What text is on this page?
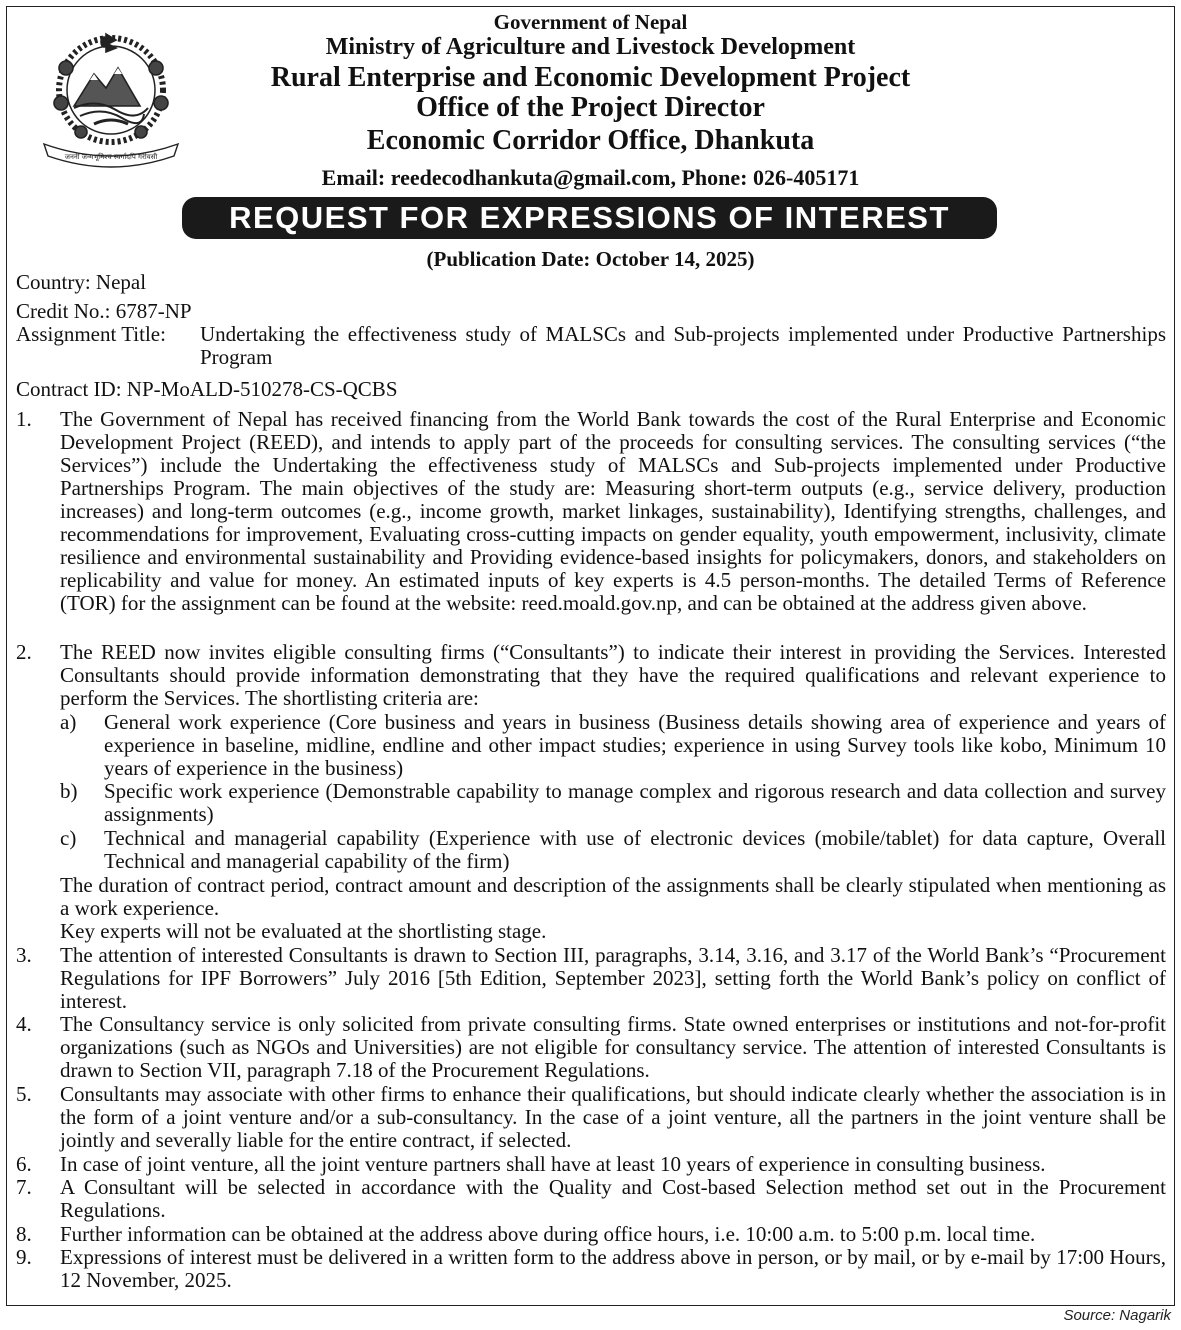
जननी जन्मभूमिश्च स्वर्गादपि गरीयसी
Government of Nepal
Ministry of Agriculture and Livestock Development
Rural Enterprise and Economic Development Project
Office of the Project Director
Economic Corridor Office, Dhankuta
Email: reedecodhankuta@gmail.com, Phone: 026-405171
REQUEST FOR EXPRESSIONS OF INTEREST
(Publication Date: October 14, 2025)
Country: Nepal
Credit No.: 6787-NP
Assignment Title: Undertaking the effectiveness study of MALSCs and Sub-projects implemented under Productive Partnerships Program
Contract ID: NP-MoALD-510278-CS-QCBS
1. The Government of Nepal has received financing from the World Bank towards the cost of the Rural Enterprise and Economic Development Project (REED), and intends to apply part of the proceeds for consulting services. The consulting services (“the Services”) include the Undertaking the effectiveness study of MALSCs and Sub-projects implemented under Productive Partnerships Program. The main objectives of the study are: Measuring short-term outputs (e.g., service delivery, production increases) and long-term outcomes (e.g., income growth, market linkages, sustainability), Identifying strengths, challenges, and recommendations for improvement, Evaluating cross-cutting impacts on gender equality, youth empowerment, inclusivity, climate resilience and environmental sustainability and Providing evidence-based insights for policymakers, donors, and stakeholders on replicability and value for money. An estimated inputs of key experts is 4.5 person-months. The detailed Terms of Reference (TOR) for the assignment can be found at the website: reed.moald.gov.np, and can be obtained at the address given above.
2. The REED now invites eligible consulting firms (“Consultants”) to indicate their interest in providing the Services. Interested Consultants should provide information demonstrating that they have the required qualifications and relevant experience to perform the Services. The shortlisting criteria are:
a) General work experience (Core business and years in business (Business details showing area of experience and years of experience in baseline, midline, endline and other impact studies; experience in using Survey tools like kobo, Minimum 10 years of experience in the business)
b) Specific work experience (Demonstrable capability to manage complex and rigorous research and data collection and survey assignments)
c) Technical and managerial capability (Experience with use of electronic devices (mobile/tablet) for data capture, Overall Technical and managerial capability of the firm)
The duration of contract period, contract amount and description of the assignments shall be clearly stipulated when mentioning as a work experience.
Key experts will not be evaluated at the shortlisting stage.
3. The attention of interested Consultants is drawn to Section III, paragraphs, 3.14, 3.16, and 3.17 of the World Bank’s “Procurement Regulations for IPF Borrowers” July 2016 [5th Edition, September 2023], setting forth the World Bank’s policy on conflict of interest.
4. The Consultancy service is only solicited from private consulting firms. State owned enterprises or institutions and not-for-profit organizations (such as NGOs and Universities) are not eligible for consultancy service. The attention of interested Consultants is drawn to Section VII, paragraph 7.18 of the Procurement Regulations.
5. Consultants may associate with other firms to enhance their qualifications, but should indicate clearly whether the association is in the form of a joint venture and/or a sub-consultancy. In the case of a joint venture, all the partners in the joint venture shall be jointly and severally liable for the entire contract, if selected.
6. In case of joint venture, all the joint venture partners shall have at least 10 years of experience in consulting business.
7. A Consultant will be selected in accordance with the Quality and Cost-based Selection method set out in the Procurement Regulations.
8. Further information can be obtained at the address above during office hours, i.e. 10:00 a.m. to 5:00 p.m. local time.
9. Expressions of interest must be delivered in a written form to the address above in person, or by mail, or by e-mail by 17:00 Hours, 12 November, 2025.
Source: Nagarik
